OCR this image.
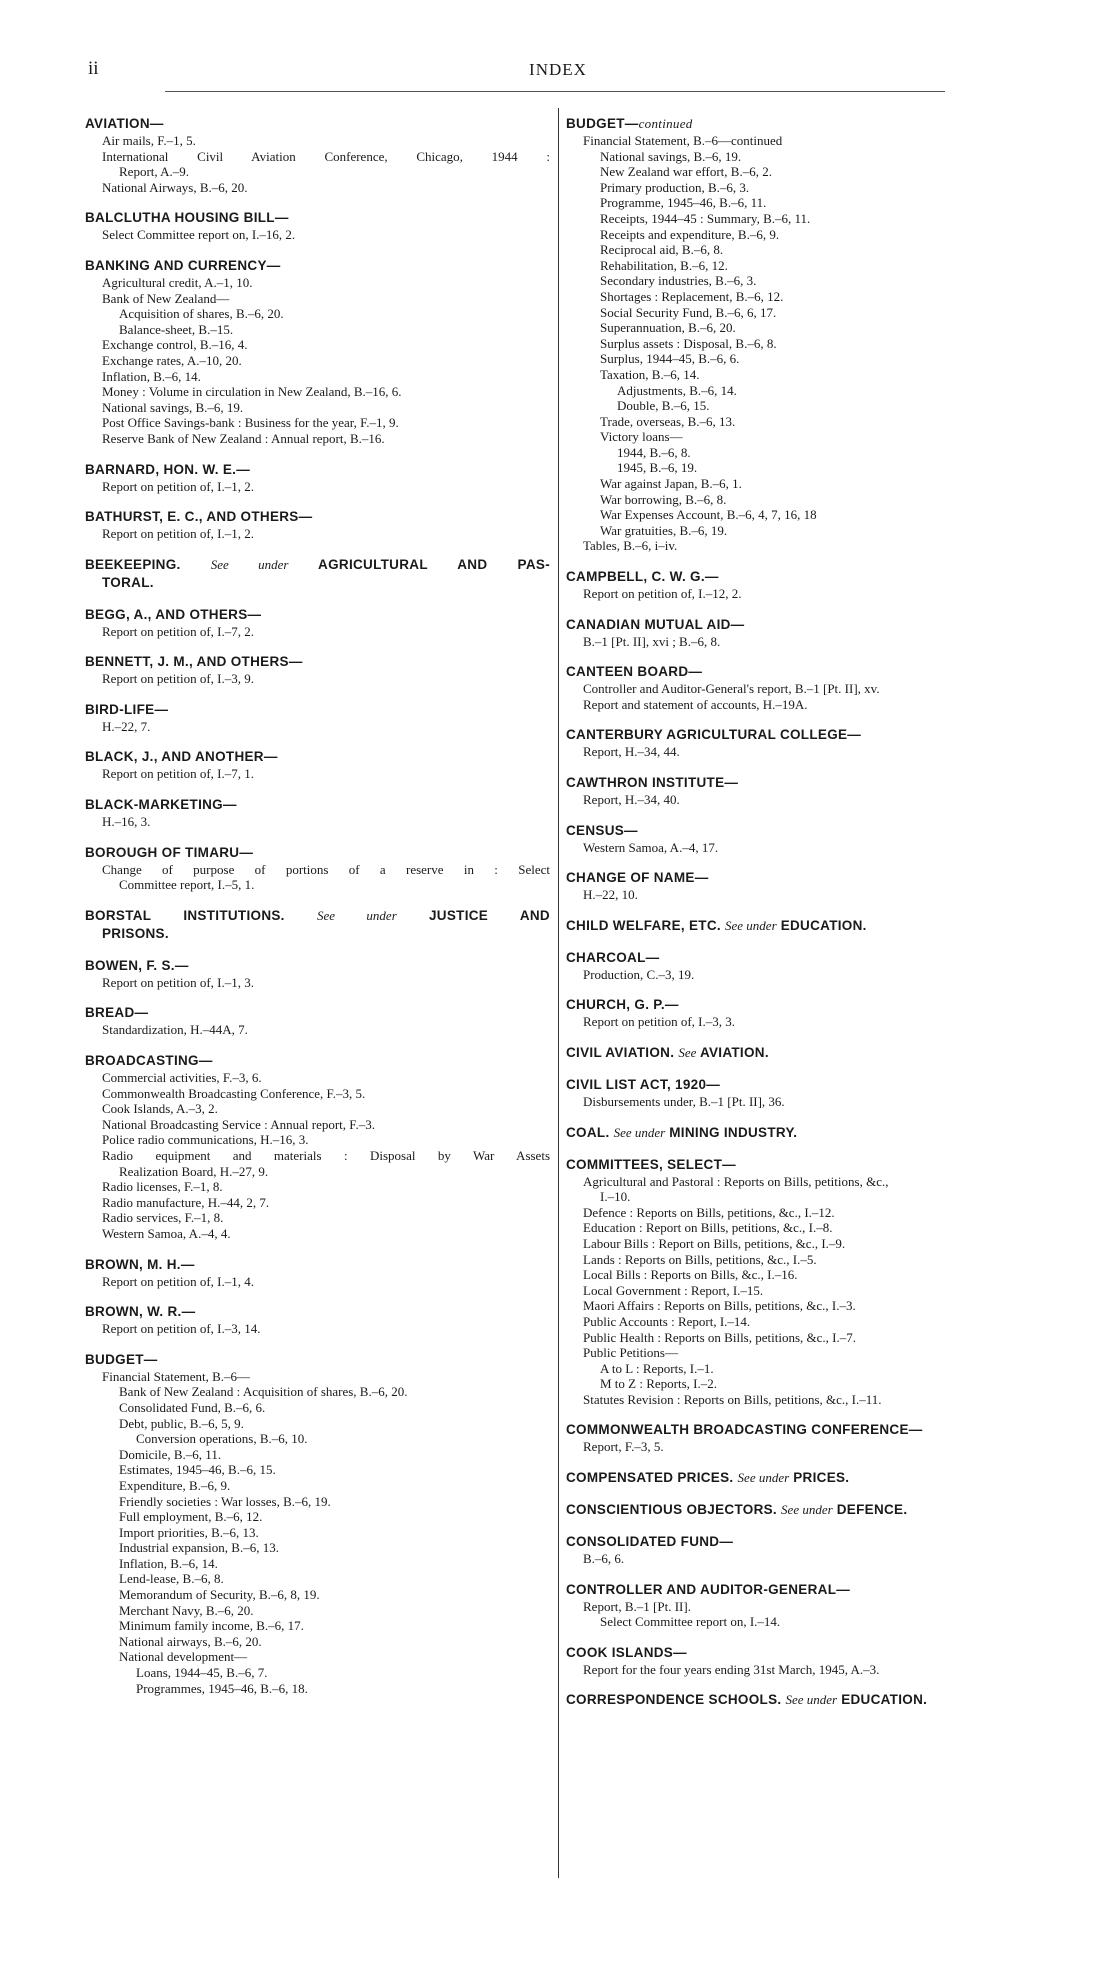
ii	INDEX
AVIATION—
Air mails, F.–1, 5.
International Civil Aviation Conference, Chicago, 1944 :
Report, A.–9.
National Airways, B.–6, 20.
BALCLUTHA HOUSING BILL—
Select Committee report on, I.–16, 2.
BANKING AND CURRENCY—
Agricultural credit, A.–1, 10.
Bank of New Zealand—
Acquisition of shares, B.–6, 20.
Balance-sheet, B.–15.
Exchange control, B.–16, 4.
Exchange rates, A.–10, 20.
Inflation, B.–6, 14.
Money : Volume in circulation in New Zealand, B.–16, 6.
National savings, B.–6, 19.
Post Office Savings-bank : Business for the year, F.–1, 9.
Reserve Bank of New Zealand : Annual report, B.–16.
BARNARD, HON. W. E.—
Report on petition of, I.–1, 2.
BATHURST, E. C., AND OTHERS—
Report on petition of, I.–1, 2.
BEEKEEPING. See under AGRICULTURAL AND PAS-
TORAL.
BEGG, A., AND OTHERS—
Report on petition of, I.–7, 2.
BENNETT, J. M., AND OTHERS—
Report on petition of, I.–3, 9.
BIRD-LIFE—
H.–22, 7.
BLACK, J., AND ANOTHER—
Report on petition of, I.–7, 1.
BLACK-MARKETING—
H.–16, 3.
BOROUGH OF TIMARU—
Change of purpose of portions of a reserve in : Select
Committee report, I.–5, 1.
BORSTAL INSTITUTIONS. See under JUSTICE AND
PRISONS.
BOWEN, F. S.—
Report on petition of, I.–1, 3.
BREAD—
Standardization, H.–44A, 7.
BROADCASTING—
Commercial activities, F.–3, 6.
Commonwealth Broadcasting Conference, F.–3, 5.
Cook Islands, A.–3, 2.
National Broadcasting Service : Annual report, F.–3.
Police radio communications, H.–16, 3.
Radio equipment and materials : Disposal by War Assets
Realization Board, H.–27, 9.
Radio licenses, F.–1, 8.
Radio manufacture, H.–44, 2, 7.
Radio services, F.–1, 8.
Western Samoa, A.–4, 4.
BROWN, M. H.—
Report on petition of, I.–1, 4.
BROWN, W. R.—
Report on petition of, I.–3, 14.
BUDGET—
Financial Statement, B.–6—
Bank of New Zealand : Acquisition of shares, B.–6, 20.
Consolidated Fund, B.–6, 6.
Debt, public, B.–6, 5, 9.
Conversion operations, B.–6, 10.
Domicile, B.–6, 11.
Estimates, 1945–46, B.–6, 15.
Expenditure, B.–6, 9.
Friendly societies : War losses, B.–6, 19.
Full employment, B.–6, 12.
Import priorities, B.–6, 13.
Industrial expansion, B.–6, 13.
Inflation, B.–6, 14.
Lend-lease, B.–6, 8.
Memorandum of Security, B.–6, 8, 19.
Merchant Navy, B.–6, 20.
Minimum family income, B.–6, 17.
National airways, B.–6, 20.
National development—
Loans, 1944–45, B.–6, 7.
Programmes, 1945–46, B.–6, 18.
BUDGET—continued
Financial Statement, B.–6—continued
National savings, B.–6, 19.
New Zealand war effort, B.–6, 2.
Primary production, B.–6, 3.
Programme, 1945–46, B.–6, 11.
Receipts, 1944–45 : Summary, B.–6, 11.
Receipts and expenditure, B.–6, 9.
Reciprocal aid, B.–6, 8.
Rehabilitation, B.–6, 12.
Secondary industries, B.–6, 3.
Shortages : Replacement, B.–6, 12.
Social Security Fund, B.–6, 6, 17.
Superannuation, B.–6, 20.
Surplus assets : Disposal, B.–6, 8.
Surplus, 1944–45, B.–6, 6.
Taxation, B.–6, 14.
Adjustments, B.–6, 14.
Double, B.–6, 15.
Trade, overseas, B.–6, 13.
Victory loans—
1944, B.–6, 8.
1945, B.–6, 19.
War against Japan, B.–6, 1.
War borrowing, B.–6, 8.
War Expenses Account, B.–6, 4, 7, 16, 18
War gratuities, B.–6, 19.
Tables, B.–6, i–iv.
CAMPBELL, C. W. G.—
Report on petition of, I.–12, 2.
CANADIAN MUTUAL AID—
B.–1 [Pt. II], xvi ; B.–6, 8.
CANTEEN BOARD—
Controller and Auditor-General's report, B.–1 [Pt. II], xv.
Report and statement of accounts, H.–19A.
CANTERBURY AGRICULTURAL COLLEGE—
Report, H.–34, 44.
CAWTHRON INSTITUTE—
Report, H.–34, 40.
CENSUS—
Western Samoa, A.–4, 17.
CHANGE OF NAME—
H.–22, 10.
CHILD WELFARE, ETC. See under EDUCATION.
CHARCOAL—
Production, C.–3, 19.
CHURCH, G. P.—
Report on petition of, I.–3, 3.
CIVIL AVIATION. See AVIATION.
CIVIL LIST ACT, 1920—
Disbursements under, B.–1 [Pt. II], 36.
COAL. See under MINING INDUSTRY.
COMMITTEES, SELECT—
Agricultural and Pastoral : Reports on Bills, petitions, &c.,
I.–10.
Defence : Reports on Bills, petitions, &c., I.–12.
Education : Report on Bills, petitions, &c., I.–8.
Labour Bills : Report on Bills, petitions, &c., I.–9.
Lands : Reports on Bills, petitions, &c., I.–5.
Local Bills : Reports on Bills, &c., I.–16.
Local Government : Report, I.–15.
Maori Affairs : Reports on Bills, petitions, &c., I.–3.
Public Accounts : Report, I.–14.
Public Health : Reports on Bills, petitions, &c., I.–7.
Public Petitions—
A to L : Reports, I.–1.
M to Z : Reports, I.–2.
Statutes Revision : Reports on Bills, petitions, &c., I.–11.
COMMONWEALTH BROADCASTING CONFERENCE—
Report, F.–3, 5.
COMPENSATED PRICES. See under PRICES.
CONSCIENTIOUS OBJECTORS. See under DEFENCE.
CONSOLIDATED FUND—
B.–6, 6.
CONTROLLER AND AUDITOR-GENERAL—
Report, B.–1 [Pt. II].
Select Committee report on, I.–14.
COOK ISLANDS—
Report for the four years ending 31st March, 1945, A.–3.
CORRESPONDENCE SCHOOLS. See under EDUCATION.
